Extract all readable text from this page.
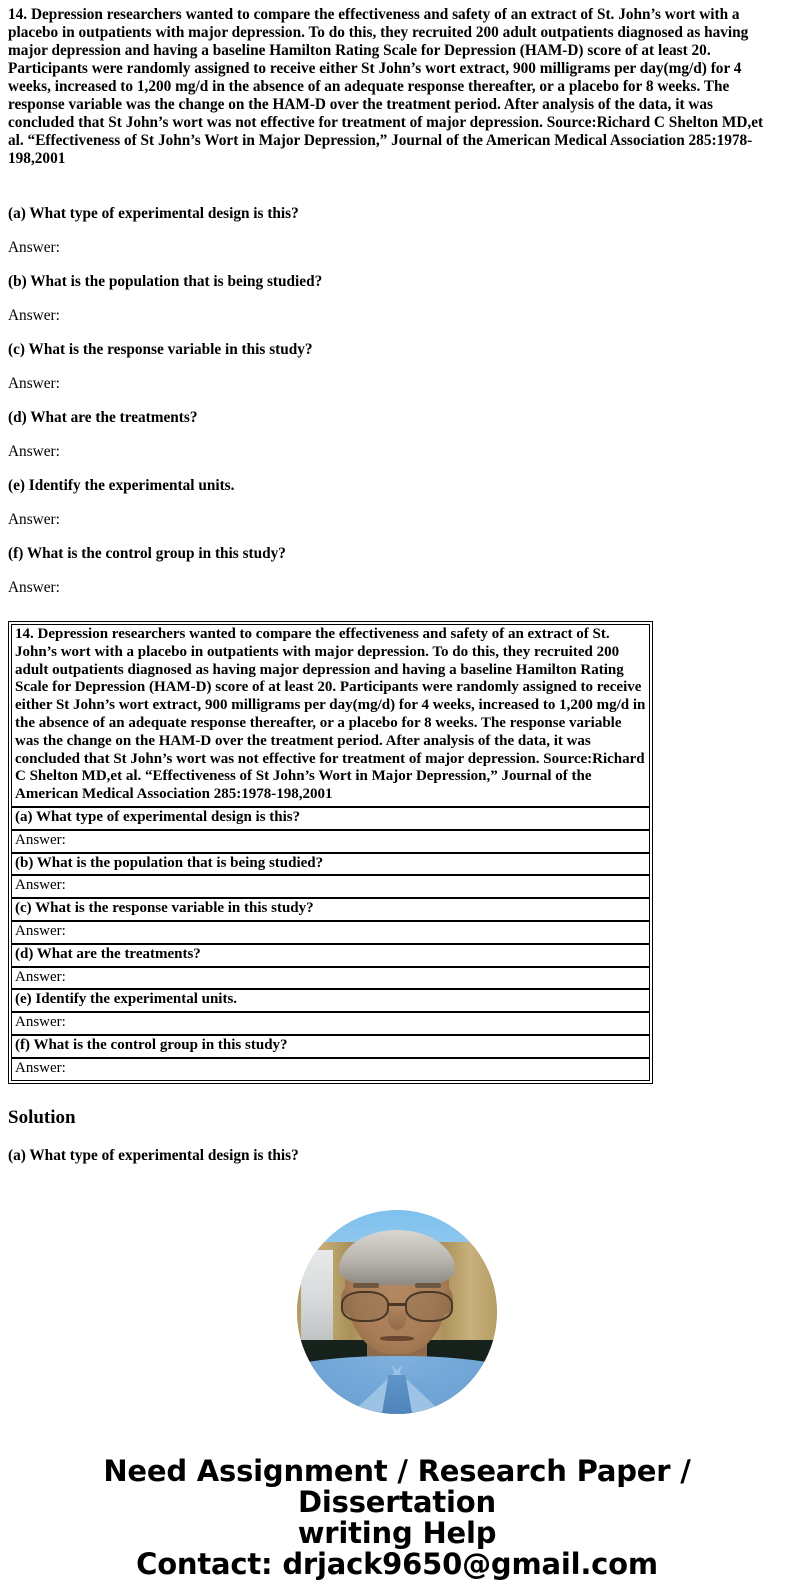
14. Depression researchers wanted to compare the effectiveness and safety of an extract of St. John’s wort with a placebo in outpatients with major depression. To do this, they recruited 200 adult outpatients diagnosed as having major depression and having a baseline Hamilton Rating Scale for Depression (HAM-D) score of at least 20. Participants were randomly assigned to receive either St John’s wort extract, 900 milligrams per day(mg/d) for 4 weeks, increased to 1,200 mg/d in the absence of an adequate response thereafter, or a placebo for 8 weeks. The response variable was the change on the HAM-D over the treatment period. After analysis of the data, it was concluded that St John’s wort was not effective for treatment of major depression. Source:Richard C Shelton MD,et al. “Effectiveness of St John’s Wort in Major Depression,” Journal of the American Medical Association 285:1978-198,2001

(a) What type of experimental design is this?

Answer:

(b) What is the population that is being studied?

Answer:

(c) What is the response variable in this study?

Answer:

(d) What are the treatments?

Answer:

(e) Identify the experimental units.

Answer:

(f) What is the control group in this study?

Answer:

14. Depression researchers wanted to compare the effectiveness and safety of an extract of St. John’s wort with a placebo in outpatients with major depression. To do this, they recruited 200 adult outpatients diagnosed as having major depression and having a baseline Hamilton Rating Scale for Depression (HAM-D) score of at least 20. Participants were randomly assigned to receive either St John’s wort extract, 900 milligrams per day(mg/d) for 4 weeks, increased to 1,200 mg/d in the absence of an adequate response thereafter, or a placebo for 8 weeks. The response variable was the change on the HAM-D over the treatment period. After analysis of the data, it was concluded that St John’s wort was not effective for treatment of major depression. Source:Richard C Shelton MD,et al. “Effectiveness of St John’s Wort in Major Depression,” Journal of the American Medical Association 285:1978-198,2001
(a) What type of experimental design is this?
Answer:
(b) What is the population that is being studied?
Answer:
(c) What is the response variable in this study?
Answer:
(d) What are the treatments?
Answer:
(e) Identify the experimental units.
Answer:
(f) What is the control group in this study?
Answer:
Solution

(a) What type of experimental design is this?

Need Assignment / Research Paper / Dissertation
writing Help
Contact: drjack9650@gmail.com
